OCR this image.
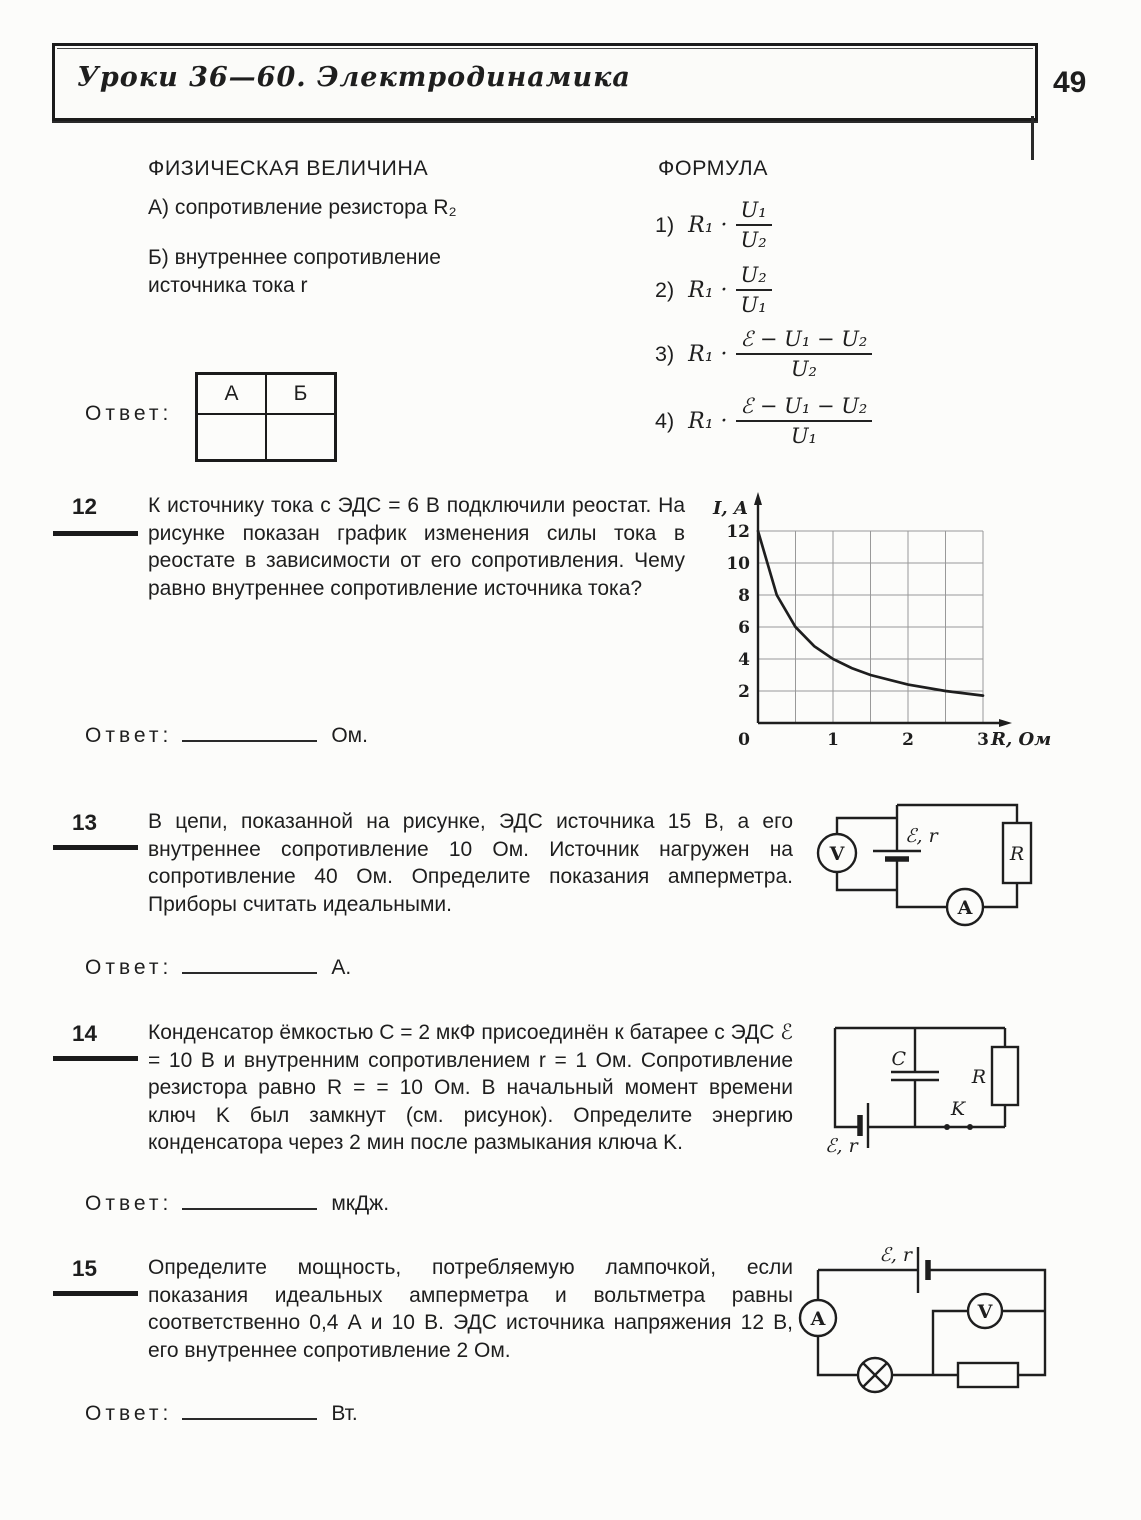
Уроки 36—60. Электродинамика	49
ФИЗИЧЕСКАЯ ВЕЛИЧИНА	ФОРМУЛА
А) сопротивление резистора R₂
Б) внутреннее сопротивление источника тока r
1) $R_1 \cdot \frac{\text{U₁}}{\text{U₂}}$
2) $R_1 \cdot \frac{\text{U₂}}{\text{U₁}}$
3) $R_1 \cdot \frac{\text{ℰ − U₁ − U₂}}{\text{U₂}}$
4) $R_1 \cdot \frac{\text{ℰ − U₁ − U₂}}{\text{U₁}}$
Ответ:
А	Б
12 К источнику тока с ЭДС = 6 В подключили реостат. На рисунке показан график изменения силы тока в реостате в зависимости от его сопротивления. Чему равно внутреннее сопротивление источника тока?
2
4
6
8
10
12
1	2	3
0
I, A
R, Ом
Ответ:	Ом.
13 В цепи, показанной на рисунке, ЭДС источника 15 В, а его внутреннее сопротивление 10 Ом. Источник нагружен на сопротивление 40 Ом. Определите показания амперметра. Приборы считать идеальными.
ℰ, r
V
A
R
Ответ:	А.
14 Конденсатор ёмкостью C = 2 мкФ присоединён к батарее с ЭДС ℰ = 10 В и внутренним сопротивлением r = 1 Ом. Сопротивление резистора равно R = = 10 Ом. В начальный момент времени ключ K был замкнут (см. рисунок). Определите энергию конденсатора через 2 мин после размыкания ключа K.
C
R
K
ℰ, r
Ответ:	мкДж.
15 Определите мощность, потребляемую лампочкой, если показания идеальных амперметра и вольтметра равны соответственно 0,4 А и 10 В. ЭДС источника напряжения 12 В, его внутреннее сопротивление 2 Ом.
ℰ, r
A	V
Ответ:	Вт.
